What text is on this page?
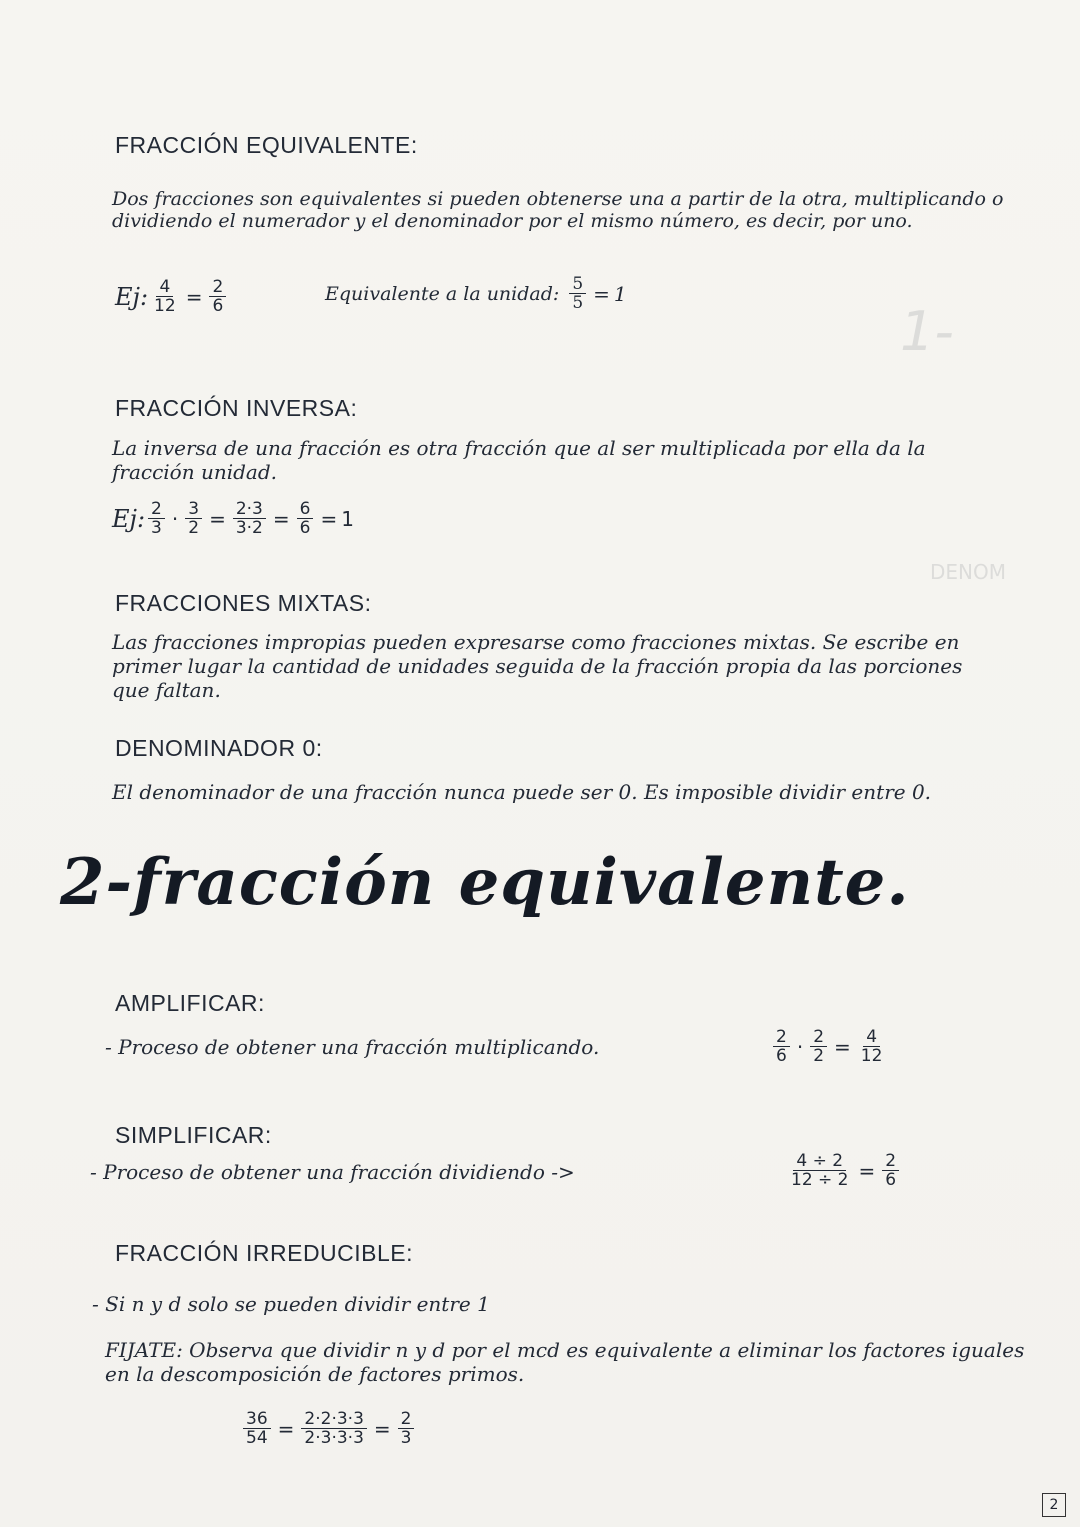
1-
DENOM
FRACCIÓN EQUIVALENTE:
Dos fracciones son equivalentes si pueden obtenerse una a partir de la otra, multiplicando o dividiendo el numerador y el denominador por el mismo número, es decir, por uno.
Ej: $\frac{4}{12} = \frac{2}{6}$	Equivalente a la unidad: $\frac{5}{5} = 1$
FRACCIÓN INVERSA:
La inversa de una fracción es otra fracción que al ser multiplicada por ella da la fracción unidad.
Ej: $\frac{2}{3} \cdot \frac{3}{2} = \frac{2\cdot 3}{3\cdot 2} = \frac{6}{6} = 1$
FRACCIONES MIXTAS:
Las fracciones impropias pueden expresarse como fracciones mixtas. Se escribe en primer lugar la cantidad de unidades seguida de la fracción propia da las porciones que faltan.
DENOMINADOR 0:
El denominador de una fracción nunca puede ser 0. Es imposible dividir entre 0.
2-fracción equivalente.
AMPLIFICAR:
- Proceso de obtener una fracción multiplicando.	$\frac{2}{6} \cdot \frac{2}{2} = \frac{4}{12}$
SIMPLIFICAR:
- Proceso de obtener una fracción dividiendo ->	$\frac{4 \div 2}{12 \div 2} = \frac{2}{6}$
FRACCIÓN IRREDUCIBLE:
- Si n y d solo se pueden dividir entre 1
FIJATE: Observa que dividir n y d por el mcd es equivalente a eliminar los factores iguales en la descomposición de factores primos.
$\frac{36}{54} = \frac{2\cdot 2\cdot 3\cdot 3}{2\cdot 3\cdot 3\cdot 3} = \frac{2}{3}$
2
